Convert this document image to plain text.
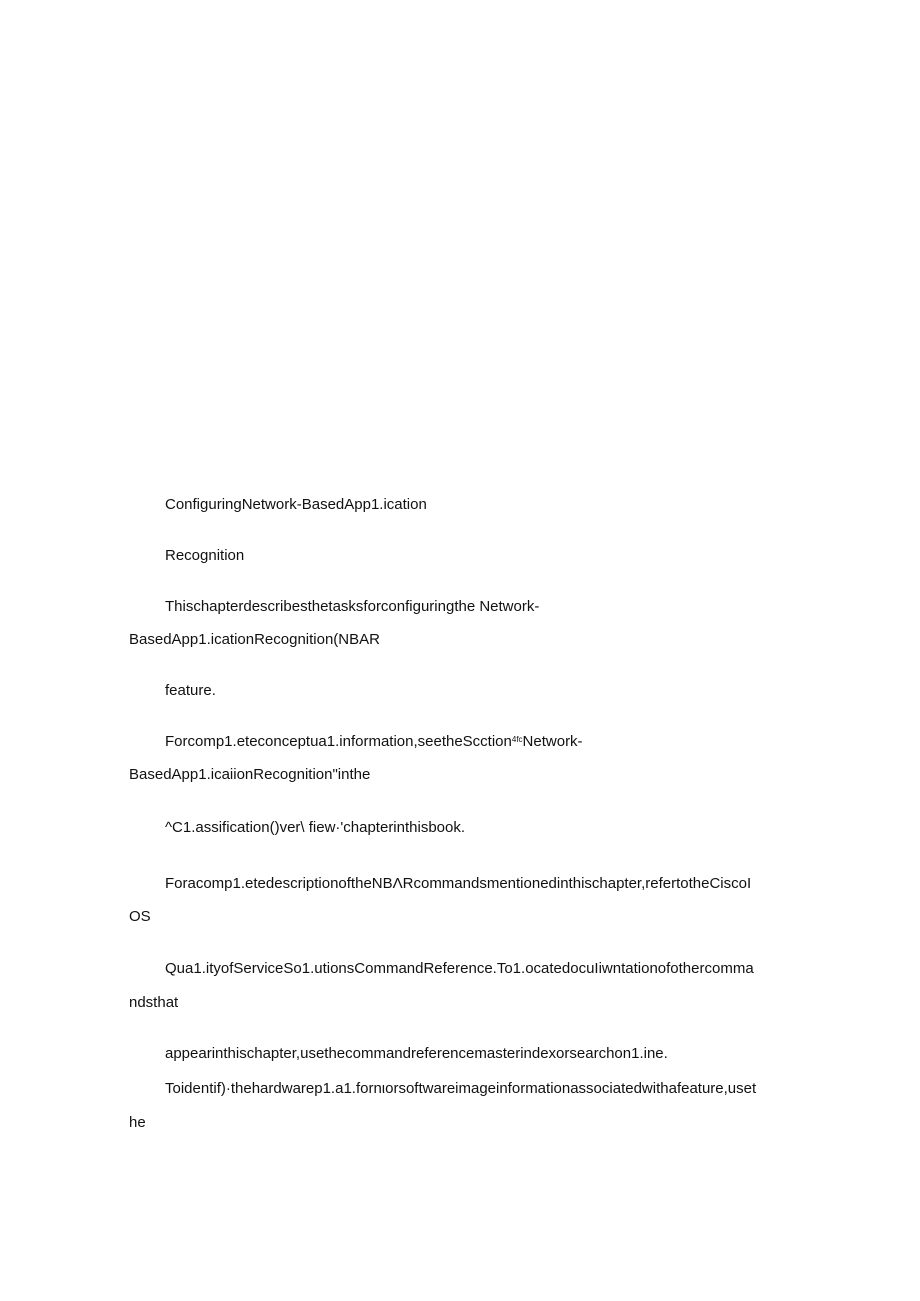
ConfiguringNetwork-BasedApp1.ication
Recognition
Thischapterdescribesthetasksforconfiguringthe Network-
BasedApp1.icationRecognition(NBAR
feature.
Forcomp1.eteconceptua1.information,seetheScction$^{4fc}$Network-
BasedApp1.icaiionRecognition"inthe
^C1.assification()ver\ fiew·'chapterinthisbook.
Foracomp1.etedescriptionoftheNBΛRcommandsmentionedinthischapter,refertotheCiscoI
OS
Qua1.ityofServiceSo1.utionsCommandReference.To1.ocatedocuIiwntationofothercomma
ndsthat
appearinthischapter,usethecommandreferencemasterindexorsearchon1.ine.
Toidentif)·thehardwarep1.a1.fornιorsoftwareimageinformationassociatedwithafeature,uset
he
